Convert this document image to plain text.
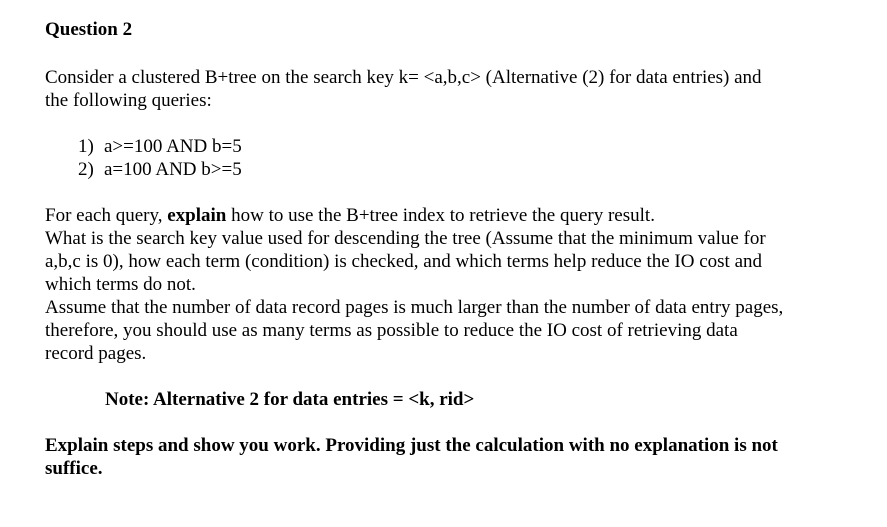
Question 2

Consider a clustered B+tree on the search key k= <a,b,c> (Alternative (2) for data entries) and
the following queries:

1) a>=100 AND b=5
2) a=100 AND b>=5

For each query, explain how to use the B+tree index to retrieve the query result.
What is the search key value used for descending the tree (Assume that the minimum value for
a,b,c is 0), how each term (condition) is checked, and which terms help reduce the IO cost and
which terms do not.
Assume that the number of data record pages is much larger than the number of data entry pages,
therefore, you should use as many terms as possible to reduce the IO cost of retrieving data
record pages.

Note: Alternative 2 for data entries = <k, rid>

Explain steps and show you work. Providing just the calculation with no explanation is not
suffice.
